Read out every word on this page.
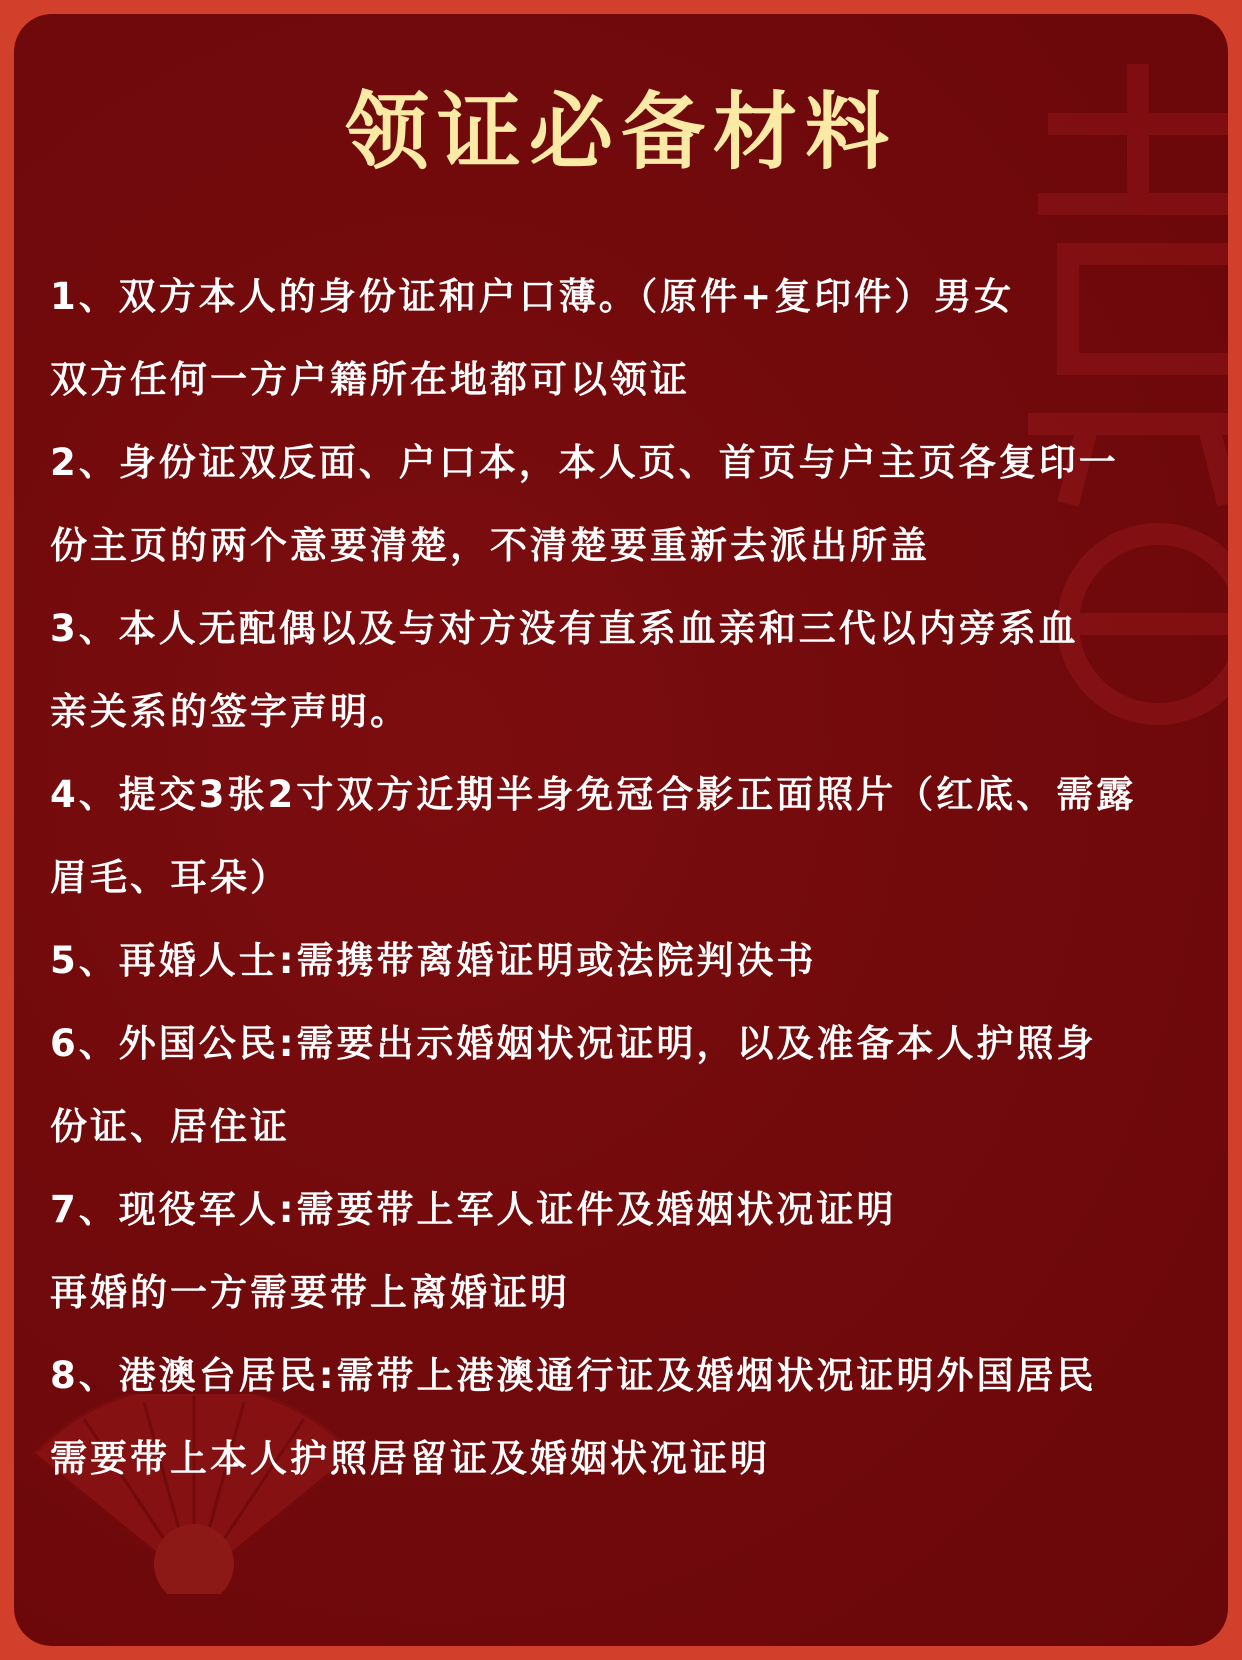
领证必备材料
1、双方本人的身份证和户口薄。（原件+复印件）男女
双方任何一方户籍所在地都可以领证
2、身份证双反面、户口本，本人页、首页与户主页各复印一
份主页的两个意要清楚，不清楚要重新去派出所盖
3、本人无配偶以及与对方没有直系血亲和三代以内旁系血
亲关系的签字声明。
4、提交3张2寸双方近期半身免冠合影正面照片（红底、需露
眉毛、耳朵）
5、再婚人士:需携带离婚证明或法院判决书
6、外国公民:需要出示婚姻状况证明，以及准备本人护照身
份证、居住证
7、现役军人:需要带上军人证件及婚姻状况证明
再婚的一方需要带上离婚证明
8、港澳台居民:需带上港澳通行证及婚烟状况证明外国居民
需要带上本人护照居留证及婚姻状况证明
